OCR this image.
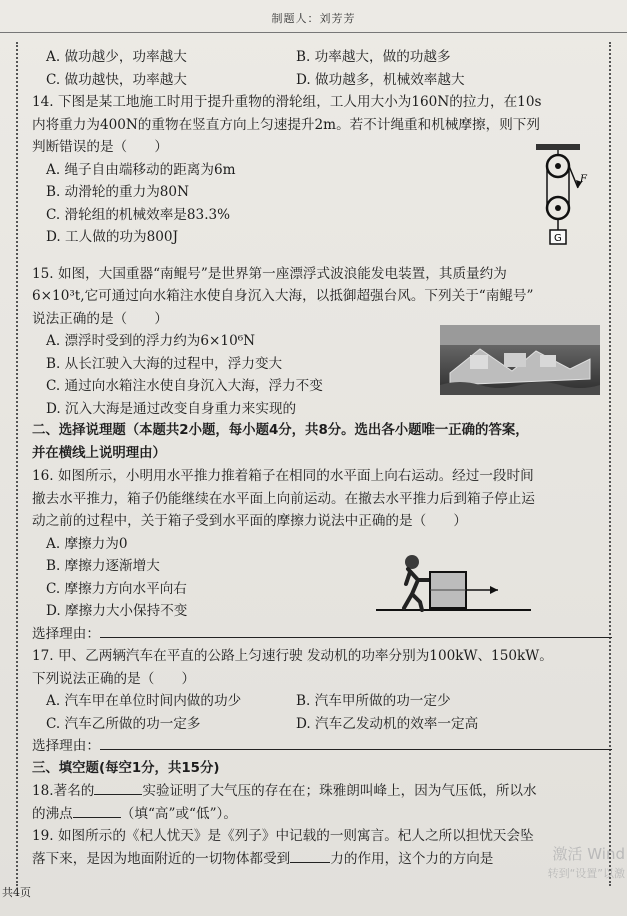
制题人：刘芳芳
A. 做功越少，功率越大	B. 功率越大，做的功越多
C. 做功越快，功率越大	D. 做功越多，机械效率越大
14. 下图是某工地施工时用于提升重物的滑轮组，工人用大小为160N的拉力，在10s
内将重力为400N的重物在竖直方向上匀速提升2m。若不计绳重和机械摩擦，则下列
判断错误的是（　　）
A. 绳子自由端移动的距离为6m
B. 动滑轮的重力为80N
C. 滑轮组的机械效率是83.3%
D. 工人做的功为800J
15. 如图，大国重器“南鲲号”是世界第一座漂浮式波浪能发电装置，其质量约为
6×10³t,它可通过向水箱注水使自身沉入大海，以抵御超强台风。下列关于“南鲲号”
说法正确的是（　　）
A. 漂浮时受到的浮力约为6×10⁶N
B. 从长江驶入大海的过程中，浮力变大
C. 通过向水箱注水使自身沉入大海，浮力不变
D. 沉入大海是通过改变自身重力来实现的
二、选择说理题（本题共2小题，每小题4分，共8分。选出各小题唯一正确的答案，
并在横线上说明理由）
16. 如图所示，小明用水平推力推着箱子在相同的水平面上向右运动。经过一段时间
撤去水平推力，箱子仍能继续在水平面上向前运动。在撤去水平推力后到箱子停止运
动之前的过程中，关于箱子受到水平面的摩擦力说法中正确的是（　　）
A. 摩擦力为0
B. 摩擦力逐渐增大
C. 摩擦力方向水平向右
D. 摩擦力大小保持不变
选择理由：
17. 甲、乙两辆汽车在平直的公路上匀速行驶 发动机的功率分别为100kW、150kW。
下列说法正确的是（　　）
A. 汽车甲在单位时间内做的功少	B. 汽车甲所做的功一定少
C. 汽车乙所做的功一定多	D. 汽车乙发动机的效率一定高
选择理由：
三、填空题(每空1分，共15分)
18.著名的	实验证明了大气压的存在在；珠雅朗叫峰上，因为气压低，所以水
的沸点	（填“高”或“低”）。
19. 如图所示的《杞人忧天》是《列子》中记载的一则寓言。杞人之所以担忧天会坠
落下来，是因为地面附近的一切物体都受到	力的作用，这个力的方向是
F
G
共4页
激活 Wind
转到“设置”以激
